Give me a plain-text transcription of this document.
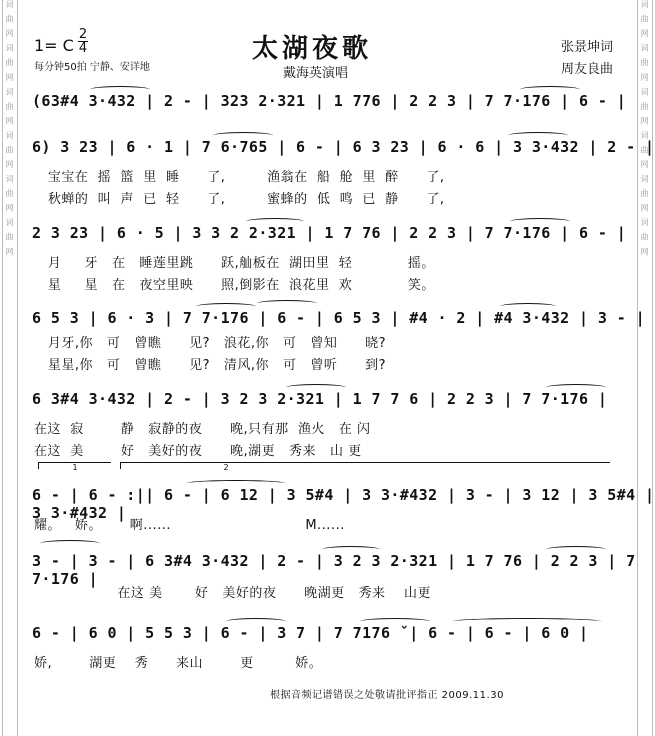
词 曲 网 词 曲 网 词 曲 网 词 曲 网 词 曲 网 词 曲 网	词 曲 网 词 曲 网 词 曲 网 词 曲 网 词 曲 网 词 曲 网
1= C
2
4
每分钟50拍 宁静、安详地
太湖夜歌
戴海英演唱
张景坤词
周友良曲
(63#4 3·432 | 2 - | 323 2·321 | 1 776 | 2 2 3 | 7 7·176 | 6 - |
6) 3 23 | 6 · 1 | 7 6·765 | 6 - | 6 3 23 | 6 · 6 | 3 3·432 | 2 - |
宝宝在  摇  篮  里  睡      了,         渔翁在  船  舱  里  醉      了,
秋蝉的  叫  声  已  轻      了,         蜜蜂的  低  鸣  已  静      了,
2 3 23 | 6 · 5 | 3 3 2 2·321 | 1 7 76 | 2 2 3 | 7 7·176 | 6 - |
月     牙   在   睡莲里跳      跃,舢板在  湖田里  轻            摇。
星     星   在   夜空里映      照,倒影在  浪花里  欢            笑。
6 5 3 | 6 · 3 | 7 7·176 | 6 - | 6 5 3 | #4 · 2 | #4 3·432 | 3 - |
月牙,你   可   曾瞧      见?   浪花,你   可   曾知      晓?
星星,你   可   曾瞧      见?   清风,你   可   曾听      到?
6 3#4 3·432 | 2 - | 3 2 3 2·321 | 1 7 7 6 | 2 2 3 | 7 7·176 |
在这  寂        静   寂静的夜      晚,只有那  渔火   在 闪
在这  美        好   美好的夜      晚,湖更   秀来   山 更
1	2
6 - | 6 - :|| 6 - | 6 12 | 3 5#4 | 3 3·#432 | 3 - | 3 12 | 3 5#4 | 3 3·#432 |
耀。   娇。      啊......                             M......
3 - | 3 - | 6 3#4 3·432 | 2 - | 3 2 3 2·321 | 1 7 76 | 2 2 3 | 7 7·176 |
在这 美       好   美好的夜      晚湖更   秀来    山更
6 - | 6 0 | 5 5 3 | 6 - | 3 7 | 7 7176 ˇ| 6 - | 6 - | 6 0 |
娇,        湖更    秀      来山        更         娇。
根据音频记谱错误之处敬请批评指正 2009.11.30
